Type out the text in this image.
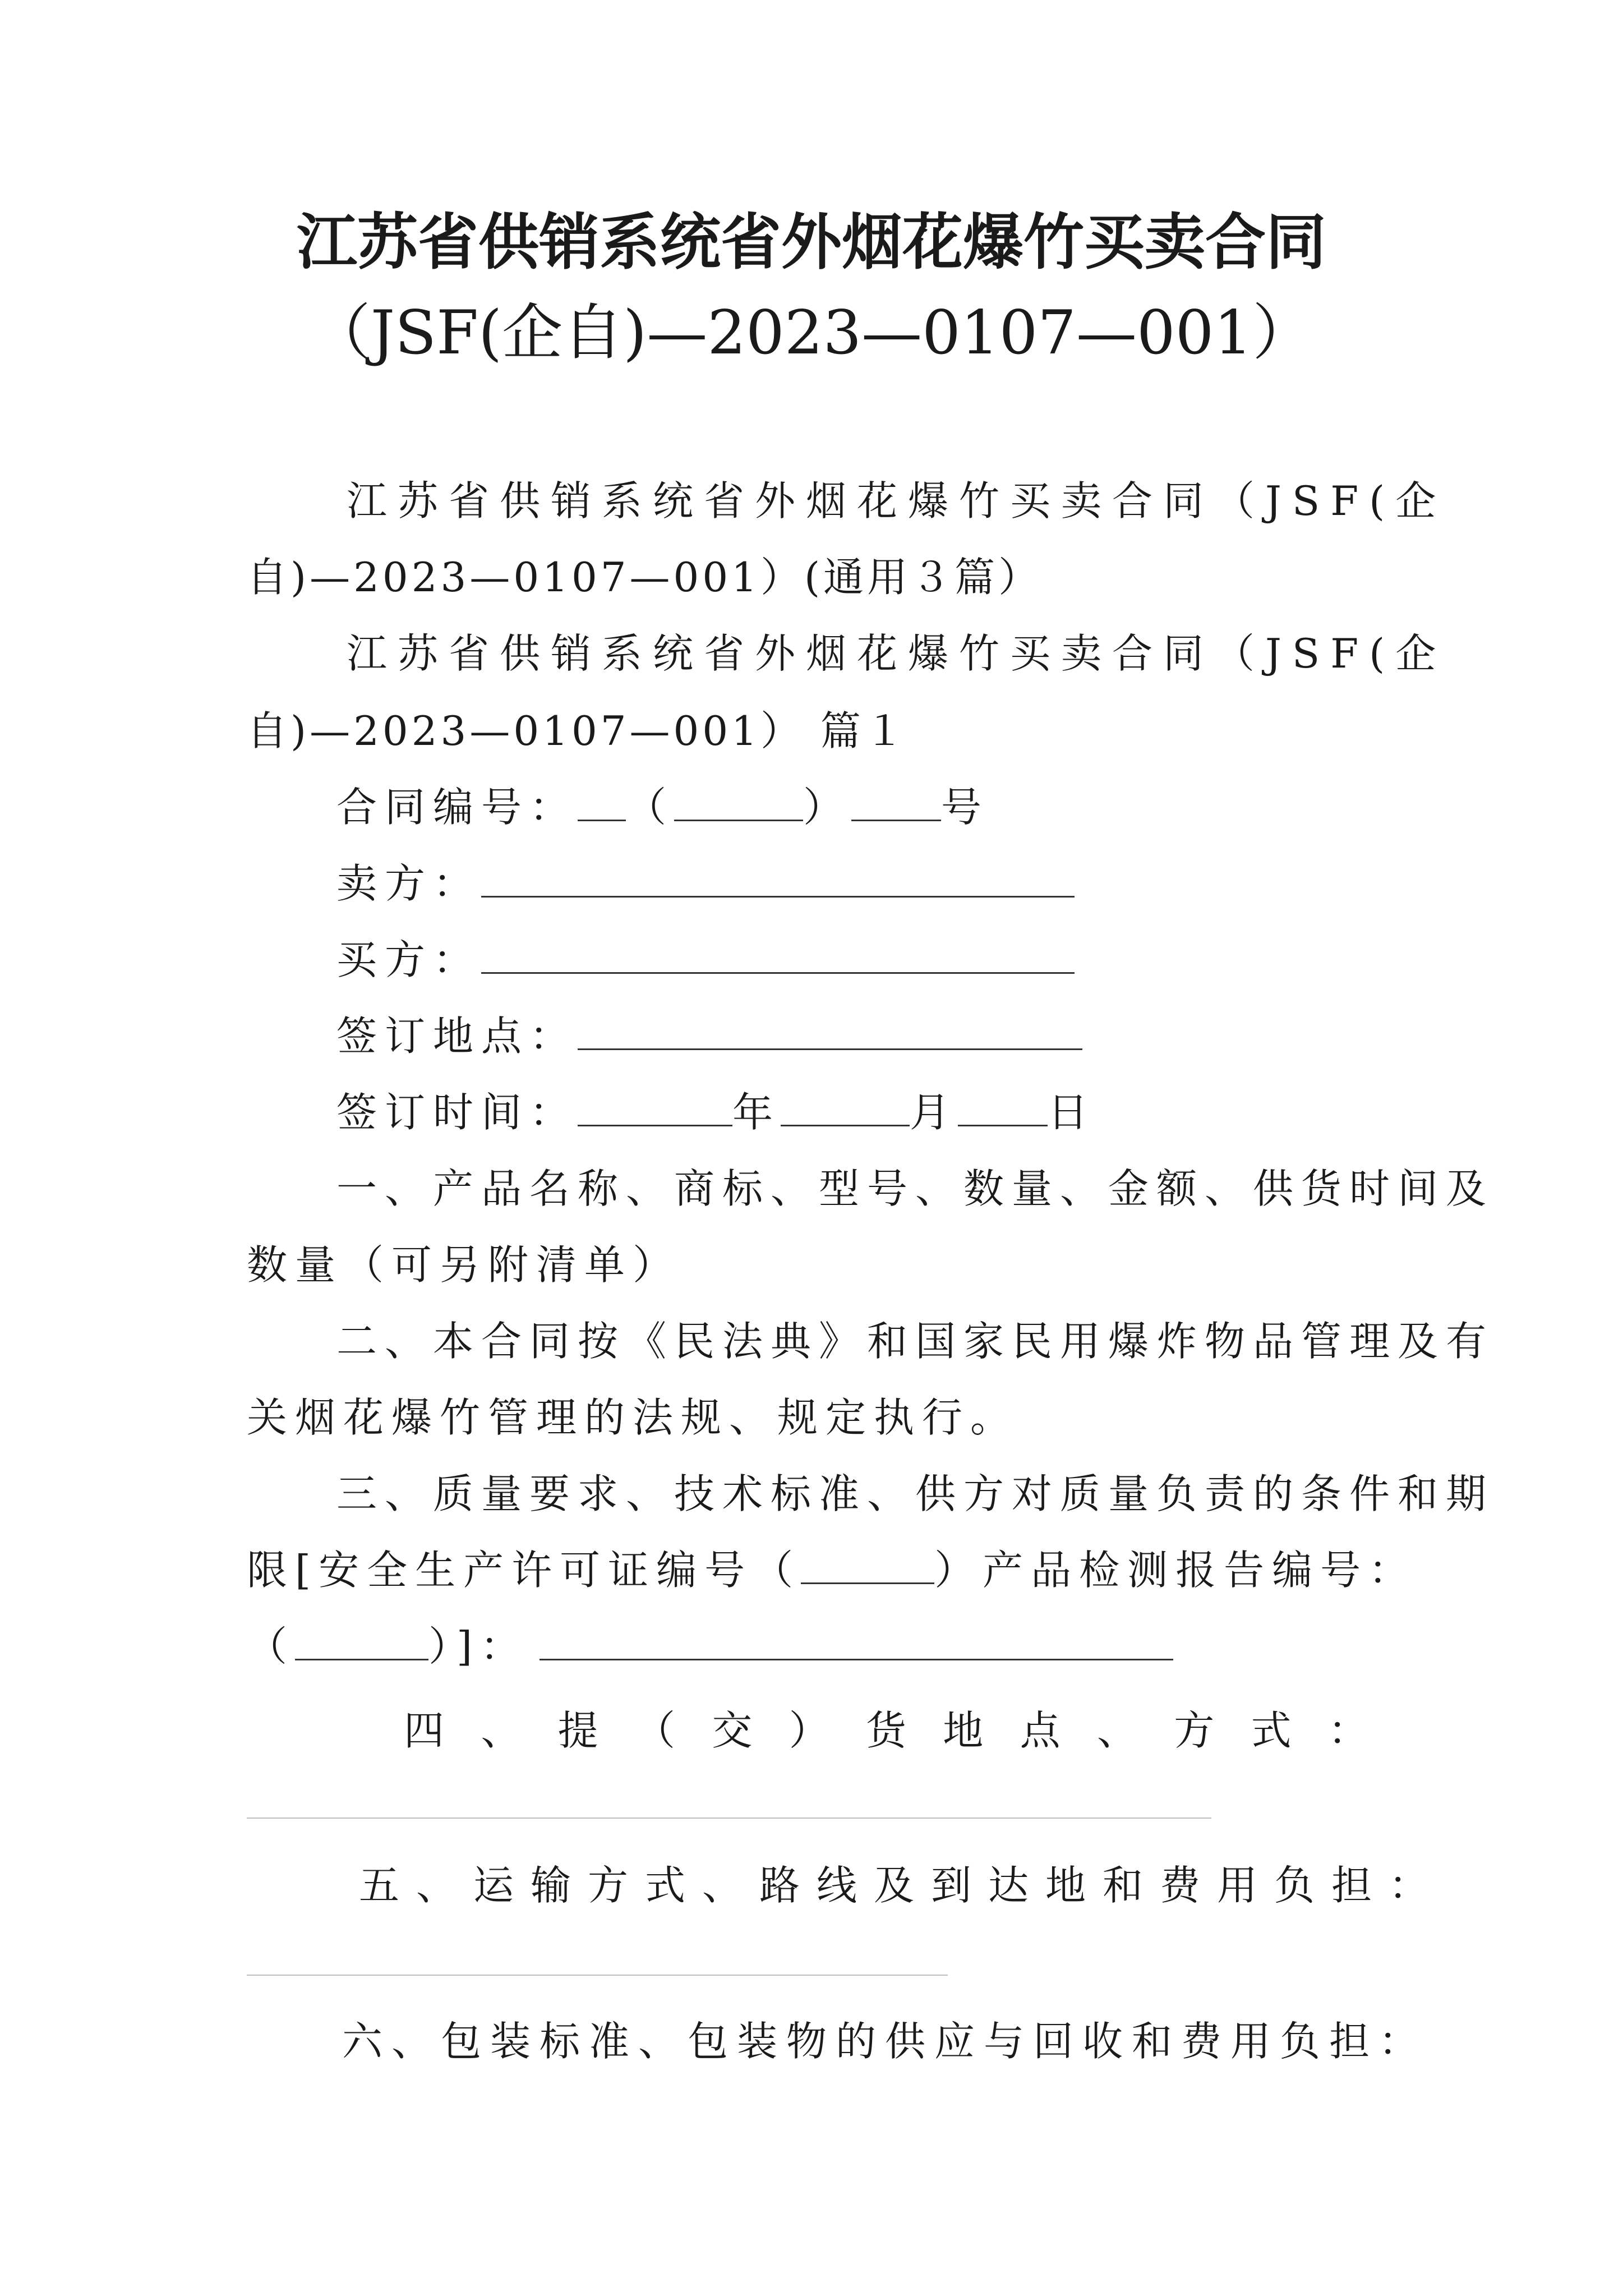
江苏省供销系统省外烟花爆竹买卖合同
（JSF(企自)—2023—0107—001）
江苏省供销系统省外烟花爆竹买卖合同（JSF(企
自)—2023—0107—001）(通用３篇）
江苏省供销系统省外烟花爆竹买卖合同（JSF(企
自)—2023—0107—001） 篇１
合同编号： （	） 号
卖方：
买方：
签订地点：
签订时间：	年	月 日
一、产品名称、商标、型号、数量、金额、供货时间及
数量（可另附清单）
二、本合同按《民法典》和国家民用爆炸物品管理及有
关烟花爆竹管理的法规、规定执行。
三、质量要求、技术标准、供方对质量负责的条件和期
限[安全生产许可证编号（	）产品检测报告编号：
（	）]：
四 、 提 （ 交 ） 货 地 点 、 方 式 ：
五、运输方式、路线及到达地和费用负担：
六、包装标准、包装物的供应与回收和费用负担：
